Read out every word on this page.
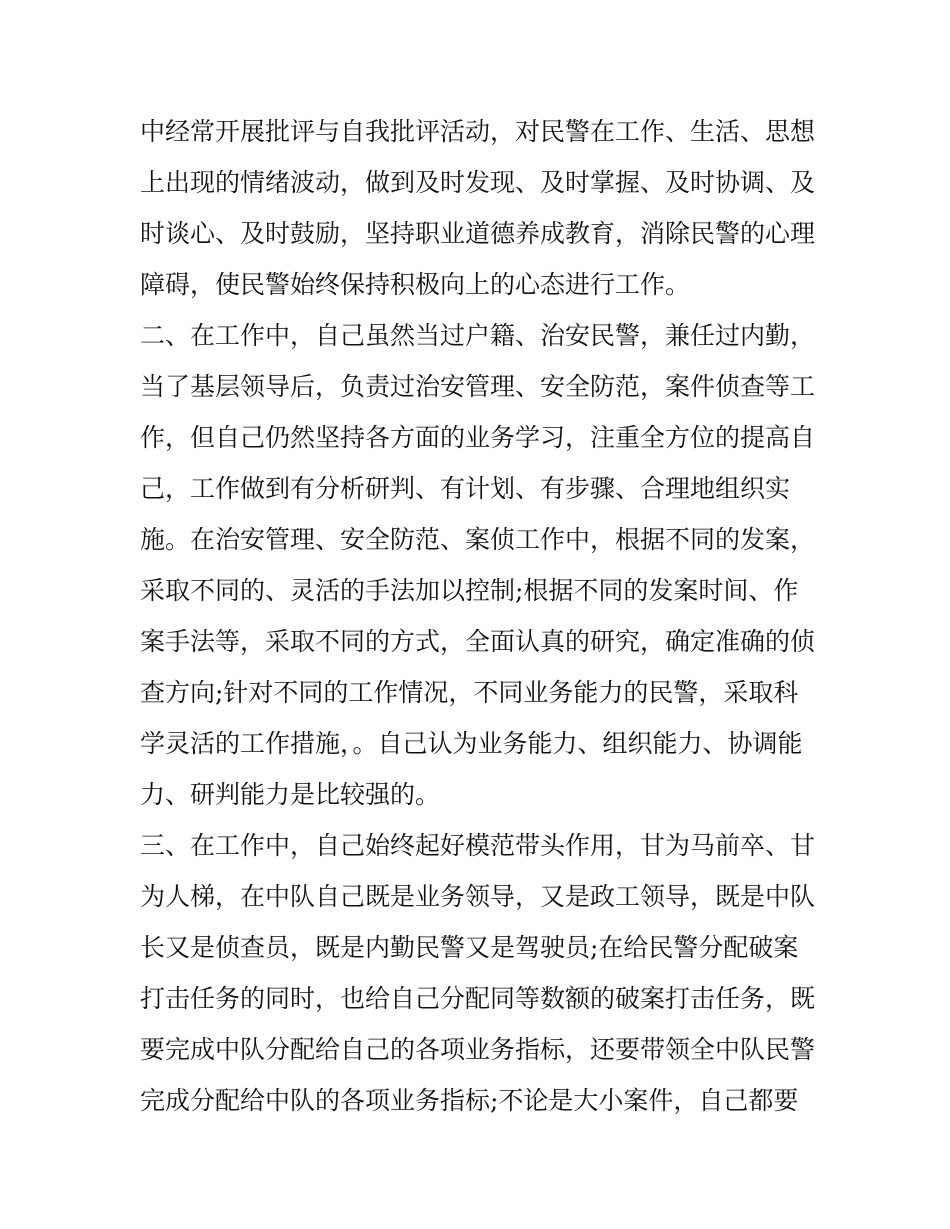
中经常开展批评与自我批评活动，对民警在工作、生活、思想
上出现的情绪波动，做到及时发现、及时掌握、及时协调、及
时谈心、及时鼓励，坚持职业道德养成教育，消除民警的心理
障碍，使民警始终保持积极向上的心态进行工作。
二、在工作中，自己虽然当过户籍、治安民警，兼任过内勤，
当了基层领导后，负责过治安管理、安全防范，案件侦查等工
作，但自己仍然坚持各方面的业务学习，注重全方位的提高自
己，工作做到有分析研判、有计划、有步骤、合理地组织实
施。在治安管理、安全防范、案侦工作中，根据不同的发案，
采取不同的、灵活的手法加以控制;根据不同的发案时间、作
案手法等，采取不同的方式，全面认真的研究，确定准确的侦
查方向;针对不同的工作情况，不同业务能力的民警，采取科
学灵活的工作措施，。自己认为业务能力、组织能力、协调能
力、研判能力是比较强的。
三、在工作中，自己始终起好模范带头作用，甘为马前卒、甘
为人梯，在中队自己既是业务领导，又是政工领导，既是中队
长又是侦查员，既是内勤民警又是驾驶员;在给民警分配破案
打击任务的同时，也给自己分配同等数额的破案打击任务，既
要完成中队分配给自己的各项业务指标，还要带领全中队民警
完成分配给中队的各项业务指标;不论是大小案件，自己都要
